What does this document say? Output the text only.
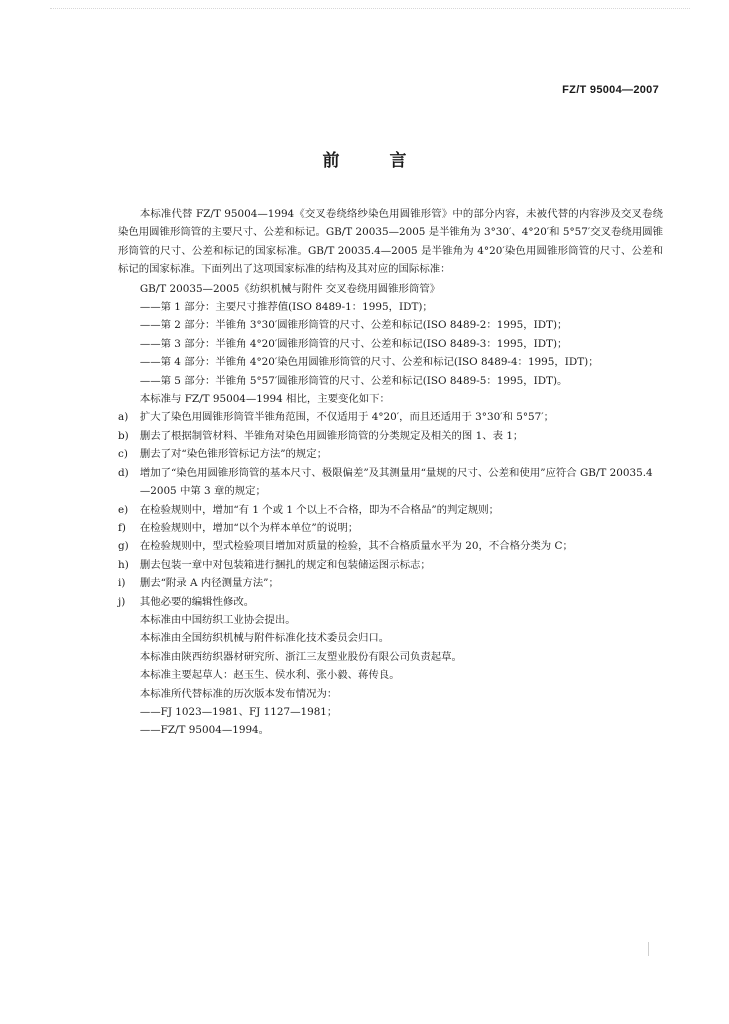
FZ/T 95004—2007
前 言

本标准代替 FZ/T 95004—1994《交叉卷绕络纱染色用圆锥形管》中的部分内容，未被代替的内容涉及交叉卷绕染色用圆锥形筒管的主要尺寸、公差和标记。GB/T 20035—2005 是半锥角为 3°30′、4°20′和 5°57′交叉卷绕用圆锥形筒管的尺寸、公差和标记的国家标准。GB/T 20035.4—2005 是半锥角为 4°20′染色用圆锥形筒管的尺寸、公差和标记的国家标准。下面列出了这项国家标准的结构及其对应的国际标准：

GB/T 20035—2005《纺织机械与附件 交叉卷绕用圆锥形筒管》

——第 1 部分：主要尺寸推荐值(ISO 8489-1：1995，IDT)；

——第 2 部分：半锥角 3°30′圆锥形筒管的尺寸、公差和标记(ISO 8489-2：1995，IDT)；

——第 3 部分：半锥角 4°20′圆锥形筒管的尺寸、公差和标记(ISO 8489-3：1995，IDT)；

——第 4 部分：半锥角 4°20′染色用圆锥形筒管的尺寸、公差和标记(ISO 8489-4：1995，IDT)；

——第 5 部分：半锥角 5°57′圆锥形筒管的尺寸、公差和标记(ISO 8489-5：1995，IDT)。

本标准与 FZ/T 95004—1994 相比，主要变化如下：

a)	扩大了染色用圆锥形筒管半锥角范围，不仅适用于 4°20′，而且还适用于 3°30′和 5°57′；
b)	删去了根据制管材料、半锥角对染色用圆锥形筒管的分类规定及相关的图 1、表 1；
c)	删去了对“染色锥形管标记方法”的规定；
d)	增加了“染色用圆锥形筒管的基本尺寸、极限偏差”及其测量用“量规的尺寸、公差和使用”应符合 GB/T 20035.4—2005 中第 3 章的规定；
e)	在检验规则中，增加“有 1 个或 1 个以上不合格，即为不合格品”的判定规则；
f)	在检验规则中，增加“以个为样本单位”的说明；
g)	在检验规则中，型式检验项目增加对质量的检验，其不合格质量水平为 20，不合格分类为 C；
h)	删去包装一章中对包装箱进行捆扎的规定和包装储运图示标志；
i)	删去“附录 A 内径测量方法”；
j)	其他必要的编辑性修改。

本标准由中国纺织工业协会提出。

本标准由全国纺织机械与附件标准化技术委员会归口。

本标准由陕西纺织器材研究所、浙江三友塑业股份有限公司负责起草。

本标准主要起草人：赵玉生、侯水利、张小毅、蒋传良。

本标准所代替标准的历次版本发布情况为：

——FJ 1023—1981、FJ 1127—1981；

——FZ/T 95004—1994。
